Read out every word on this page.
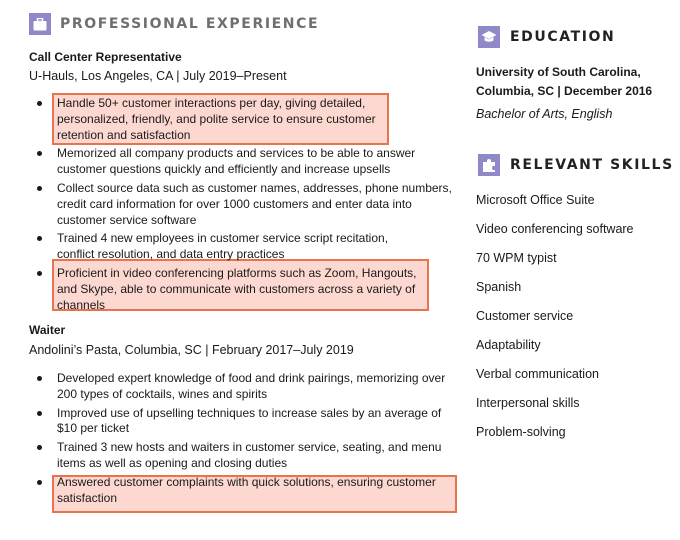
PROFESSIONAL EXPERIENCE
Call Center Representative
U-Hauls, Los Angeles, CA | July 2019–Present
Handle 50+ customer interactions per day, giving detailed, personalized, friendly, and polite service to ensure customer retention and satisfaction
Memorized all company products and services to be able to answer customer questions quickly and efficiently and increase upsells
Collect source data such as customer names, addresses, phone numbers, credit card information for over 1000 customers and enter data into customer service software
Trained 4 new employees in customer service script recitation, conflict resolution, and data entry practices
Proficient in video conferencing platforms such as Zoom, Hangouts, and Skype, able to communicate with customers across a variety of channels
Waiter
Andolini’s Pasta, Columbia, SC | February 2017–July 2019
Developed expert knowledge of food and drink pairings, memorizing over 200 types of cocktails, wines and spirits
Improved use of upselling techniques to increase sales by an average of $10 per ticket
Trained 3 new hosts and waiters in customer service, seating, and menu items as well as opening and closing duties
Answered customer complaints with quick solutions, ensuring customer satisfaction
EDUCATION
University of South Carolina,
Columbia, SC | December 2016
Bachelor of Arts, English
RELEVANT SKILLS
Microsoft Office Suite
Video conferencing software
70 WPM typist
Spanish
Customer service
Adaptability
Verbal communication
Interpersonal skills
Problem-solving
